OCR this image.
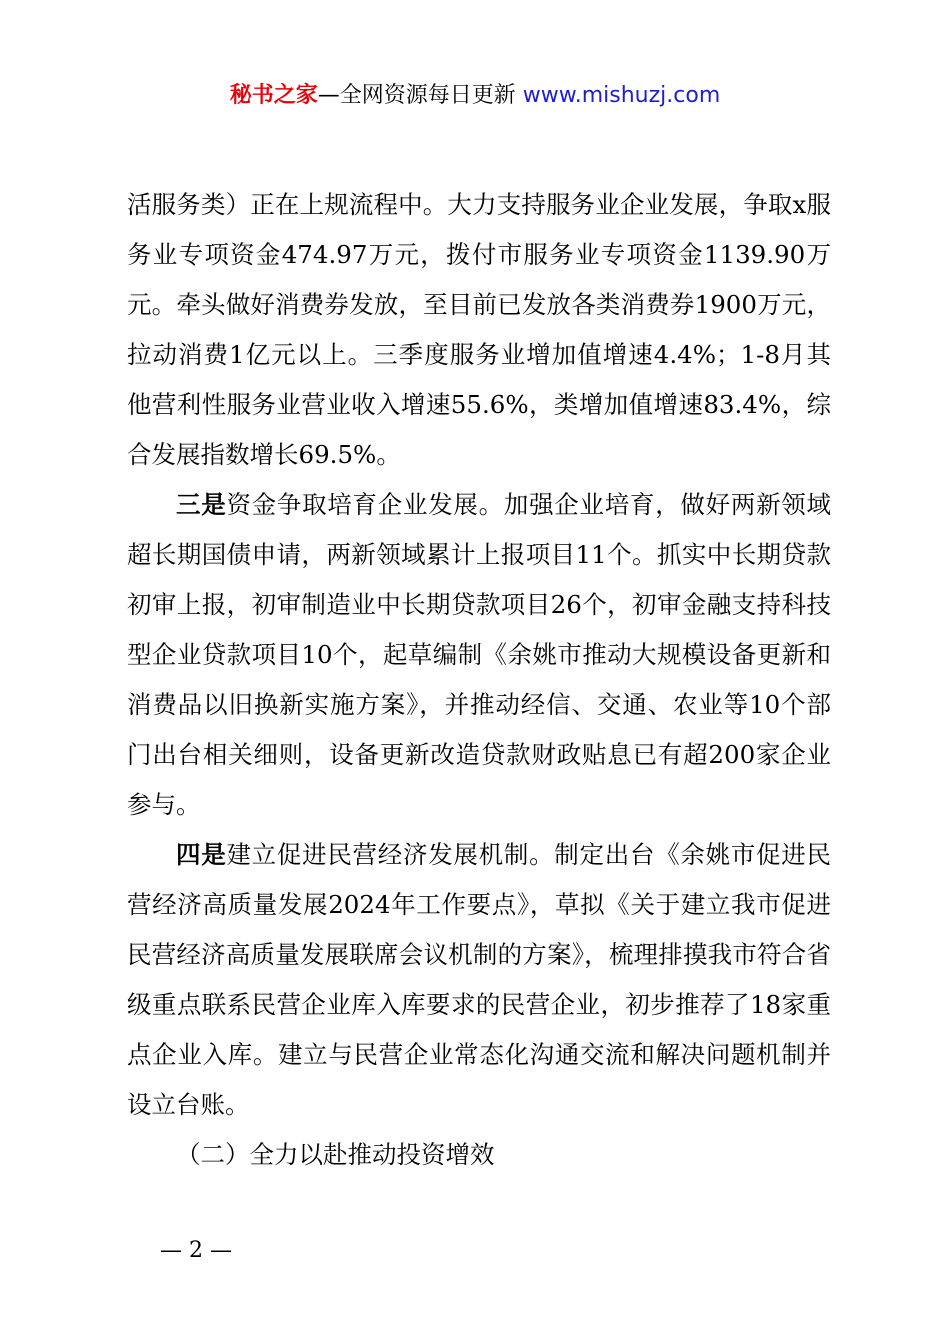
秘书之家—全网资源每日更新 www.mishuzj.com

活服务类）正在上规流程中。大力支持服务业企业发展，争取x服务业专项资金474.97万元，拨付市服务业专项资金1139.90万元。牵头做好消费券发放，至目前已发放各类消费券1900万元，拉动消费1亿元以上。三季度服务业增加值增速4.4%；1-8月其他营利性服务业营业收入增速55.6%，类增加值增速83.4%，综合发展指数增长69.5%。

三是资金争取培育企业发展。加强企业培育，做好两新领域超长期国债申请，两新领域累计上报项目11个。抓实中长期贷款初审上报，初审制造业中长期贷款项目26个，初审金融支持科技型企业贷款项目10个，起草编制《余姚市推动大规模设备更新和消费品以旧换新实施方案》，并推动经信、交通、农业等10个部门出台相关细则，设备更新改造贷款财政贴息已有超200家企业参与。

四是建立促进民营经济发展机制。制定出台《余姚市促进民营经济高质量发展2024年工作要点》，草拟《关于建立我市促进民营经济高质量发展联席会议机制的方案》，梳理排摸我市符合省级重点联系民营企业库入库要求的民营企业，初步推荐了18家重点企业入库。建立与民营企业常态化沟通交流和解决问题机制并设立台账。

（二）全力以赴推动投资增效

— 2 —
